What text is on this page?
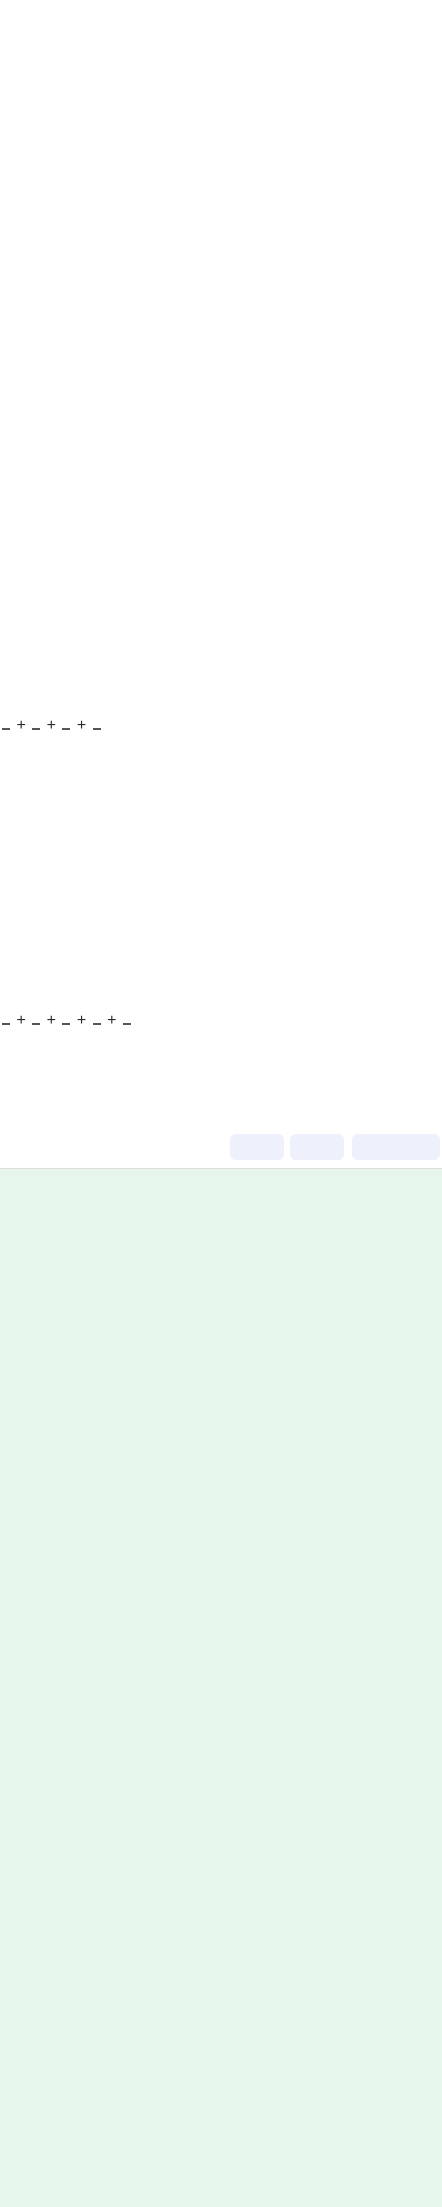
+  +  +
+  +  +  +
